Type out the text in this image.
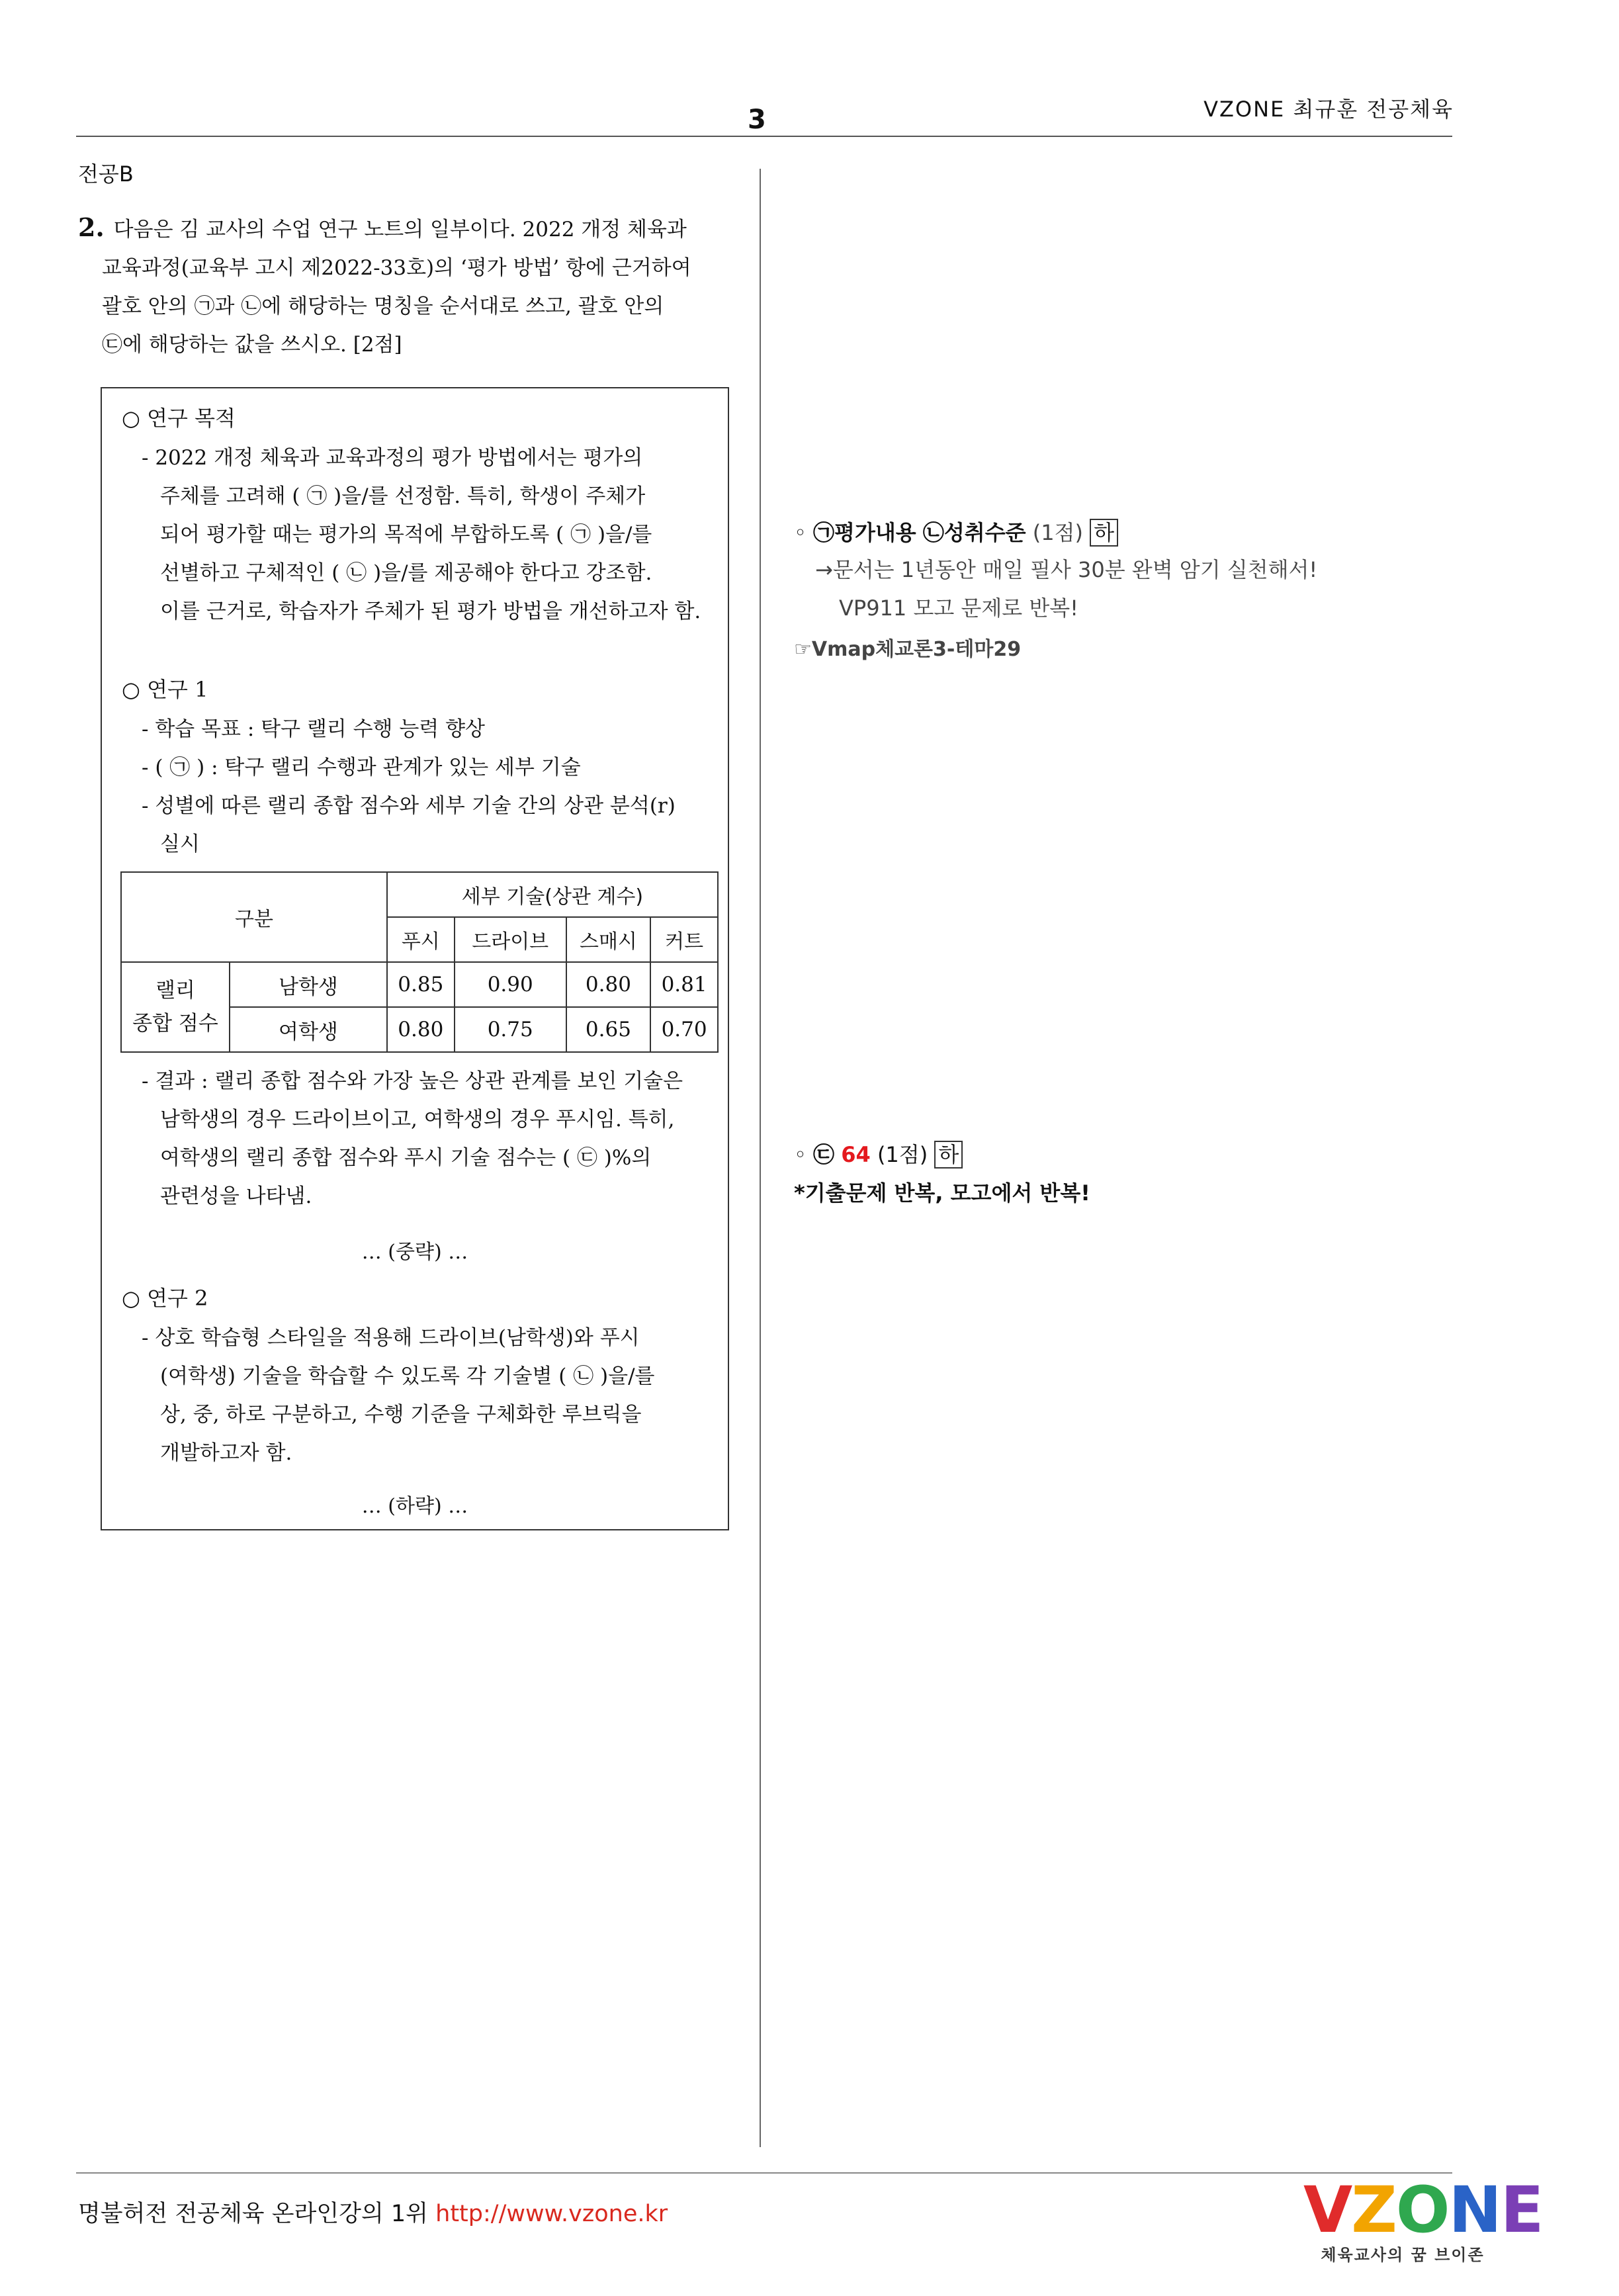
VZONE 최규훈 전공체육
3
전공B
2. 다음은 김 교사의 수업 연구 노트의 일부이다. 2022 개정 체육과
교육과정(교육부 고시 제2022-33호)의 ‘평가 방법’ 항에 근거하여
괄호 안의 ㉠과 ㉡에 해당하는 명칭을 순서대로 쓰고, 괄호 안의
㉢에 해당하는 값을 쓰시오. [2점]
○ 연구 목적
- 2022 개정 체육과 교육과정의 평가 방법에서는 평가의
주체를 고려해 ( ㉠ )을/를 선정함. 특히, 학생이 주체가
되어 평가할 때는 평가의 목적에 부합하도록 ( ㉠ )을/를
선별하고 구체적인 ( ㉡ )을/를 제공해야 한다고 강조함.
이를 근거로, 학습자가 주체가 된 평가 방법을 개선하고자 함.
○ 연구 1
- 학습 목표 : 탁구 랠리 수행 능력 향상
- ( ㉠ ) : 탁구 랠리 수행과 관계가 있는 세부 기술
- 성별에 따른 랠리 종합 점수와 세부 기술 간의 상관 분석(r)
실시
구분		세부 기술(상관 계수)			
		푸시	드라이브	스매시	커트

랠리
종합 점수	남학생	0.85	0.90	0.80	0.81
	여학생	0.80	0.75	0.65	0.70
- 결과 : 랠리 종합 점수와 가장 높은 상관 관계를 보인 기술은
남학생의 경우 드라이브이고, 여학생의 경우 푸시임. 특히,
여학생의 랠리 종합 점수와 푸시 기술 점수는 ( ㉢ )%의
관련성을 나타냄.
… (중략) …
○ 연구 2
- 상호 학습형 스타일을 적용해 드라이브(남학생)와 푸시
(여학생) 기술을 학습할 수 있도록 각 기술별 ( ㉡ )을/를
상, 중, 하로 구분하고, 수행 기준을 구체화한 루브릭을
개발하고자 함.
… (하략) …
◦ ㉠평가내용 ㉡성취수준 (1점) 하
→문서는 1년동안 매일 필사 30분 완벽 암기 실천해서!
VP911 모고 문제로 반복!
☞Vmap체교론3-테마29
◦ ㉢ 64 (1점) 하
*기출문제 반복, 모고에서 반복!
명불허전 전공체육 온라인강의 1위 http://www.vzone.kr	VZONE
체육교사의 꿈 브이존
